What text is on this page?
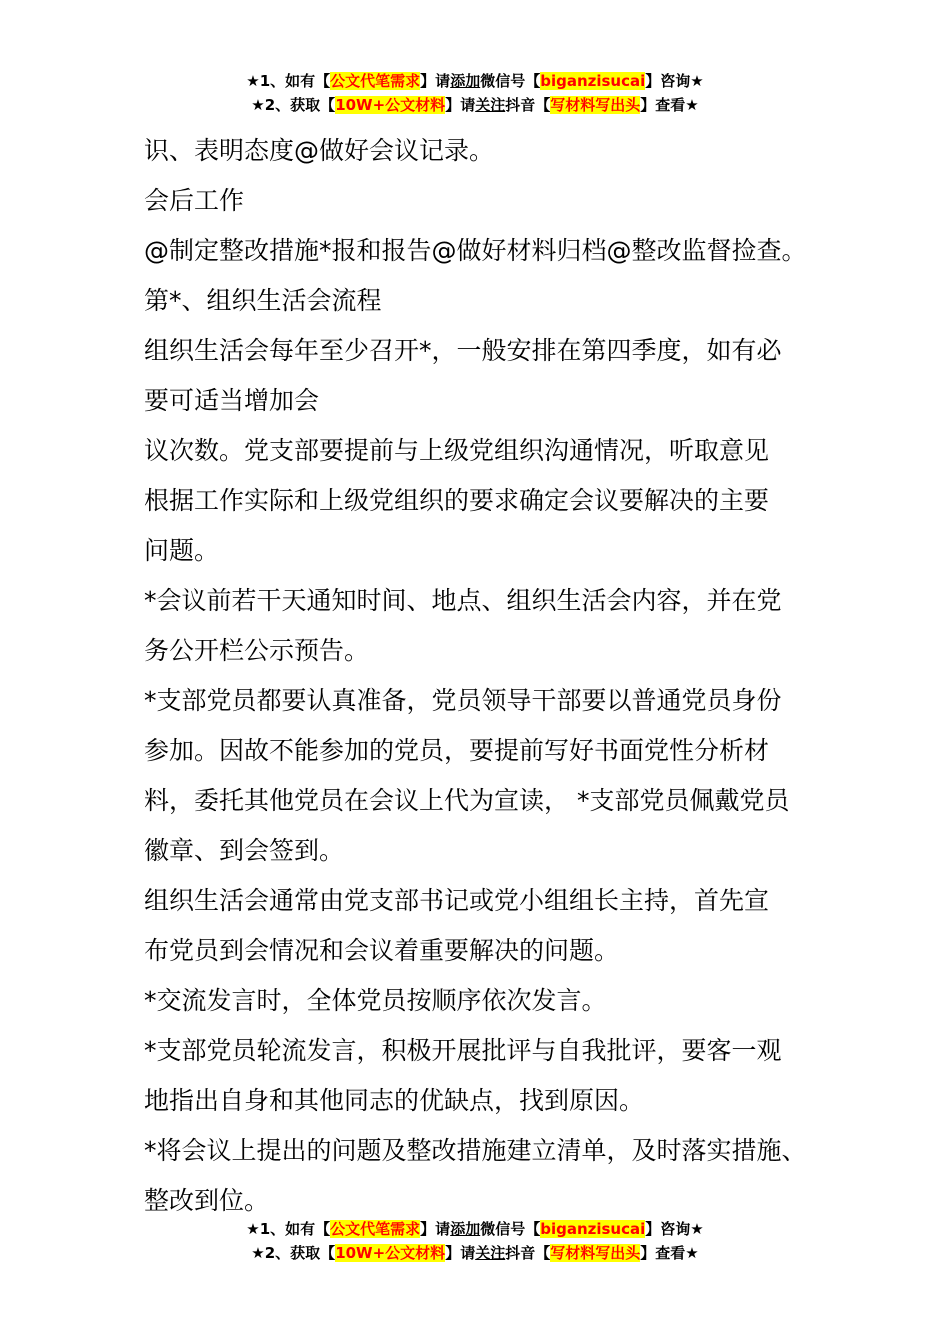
★1、如有【公文代笔需求】请添加微信号【biganzisucai】咨询★
★2、获取【10W+公文材料】请关注抖音【写材料写出头】查看★

识、表明态度@做好会议记录。

会后工作

@制定整改措施*报和报告@做好材料归档@整改监督捡查。

第*、组织生活会流程

组织生活会每年至少召开*，一般安排在第四季度，如有必

要可适当增加会

议次数。党支部要提前与上级党组织沟通情况，听取意见

根据工作实际和上级党组织的要求确定会议要解决的主要

问题。

*会议前若干天通知时间、地点、组织生活会内容，并在党

务公开栏公示预告。

*支部党员都要认真准备，党员领导干部要以普通党员身份

参加。因故不能参加的党员，要提前写好书面党性分析材

料，委托其他党员在会议上代为宣读， *支部党员佩戴党员

徽章、到会签到。

组织生活会通常由党支部书记或党小组组长主持，首先宣

布党员到会情况和会议着重要解决的问题。

*交流发言时，全体党员按顺序依次发言。

*支部党员轮流发言，积极开展批评与自我批评，要客一观

地指出自身和其他同志的优缺点，找到原因。

*将会议上提出的问题及整改措施建立清单，及时落实措施、

整改到位。

★1、如有【公文代笔需求】请添加微信号【biganzisucai】咨询★
★2、获取【10W+公文材料】请关注抖音【写材料写出头】查看★
